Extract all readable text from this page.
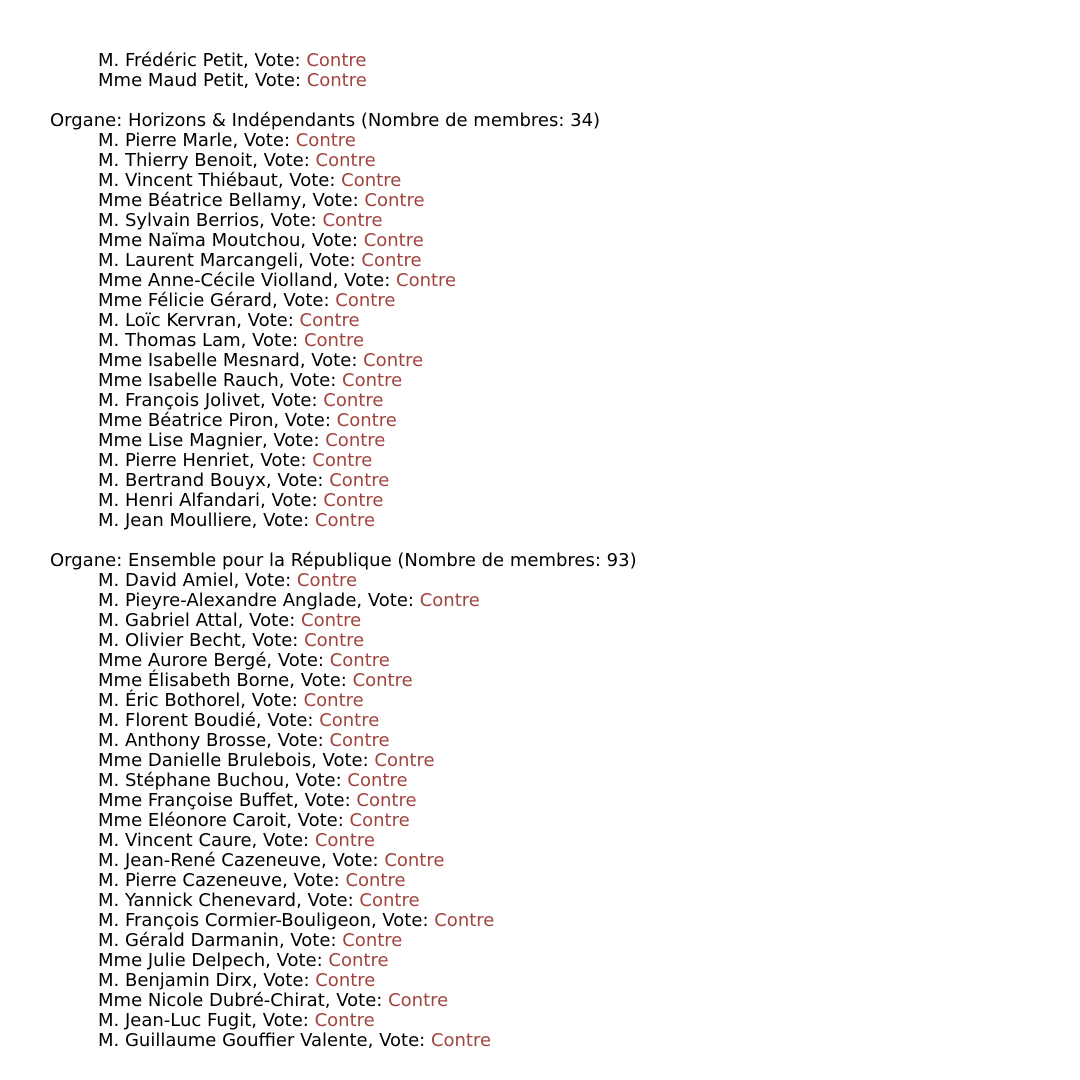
M. Frédéric Petit, Vote: Contre
Mme Maud Petit, Vote: Contre
Organe: Horizons & Indépendants (Nombre de membres: 34)
M. Pierre Marle, Vote: Contre
M. Thierry Benoit, Vote: Contre
M. Vincent Thiébaut, Vote: Contre
Mme Béatrice Bellamy, Vote: Contre
M. Sylvain Berrios, Vote: Contre
Mme Naïma Moutchou, Vote: Contre
M. Laurent Marcangeli, Vote: Contre
Mme Anne-Cécile Violland, Vote: Contre
Mme Félicie Gérard, Vote: Contre
M. Loïc Kervran, Vote: Contre
M. Thomas Lam, Vote: Contre
Mme Isabelle Mesnard, Vote: Contre
Mme Isabelle Rauch, Vote: Contre
M. François Jolivet, Vote: Contre
Mme Béatrice Piron, Vote: Contre
Mme Lise Magnier, Vote: Contre
M. Pierre Henriet, Vote: Contre
M. Bertrand Bouyx, Vote: Contre
M. Henri Alfandari, Vote: Contre
M. Jean Moulliere, Vote: Contre
Organe: Ensemble pour la République (Nombre de membres: 93)
M. David Amiel, Vote: Contre
M. Pieyre-Alexandre Anglade, Vote: Contre
M. Gabriel Attal, Vote: Contre
M. Olivier Becht, Vote: Contre
Mme Aurore Bergé, Vote: Contre
Mme Élisabeth Borne, Vote: Contre
M. Éric Bothorel, Vote: Contre
M. Florent Boudié, Vote: Contre
M. Anthony Brosse, Vote: Contre
Mme Danielle Brulebois, Vote: Contre
M. Stéphane Buchou, Vote: Contre
Mme Françoise Buffet, Vote: Contre
Mme Eléonore Caroit, Vote: Contre
M. Vincent Caure, Vote: Contre
M. Jean-René Cazeneuve, Vote: Contre
M. Pierre Cazeneuve, Vote: Contre
M. Yannick Chenevard, Vote: Contre
M. François Cormier-Bouligeon, Vote: Contre
M. Gérald Darmanin, Vote: Contre
Mme Julie Delpech, Vote: Contre
M. Benjamin Dirx, Vote: Contre
Mme Nicole Dubré-Chirat, Vote: Contre
M. Jean-Luc Fugit, Vote: Contre
M. Guillaume Gouffier Valente, Vote: Contre
